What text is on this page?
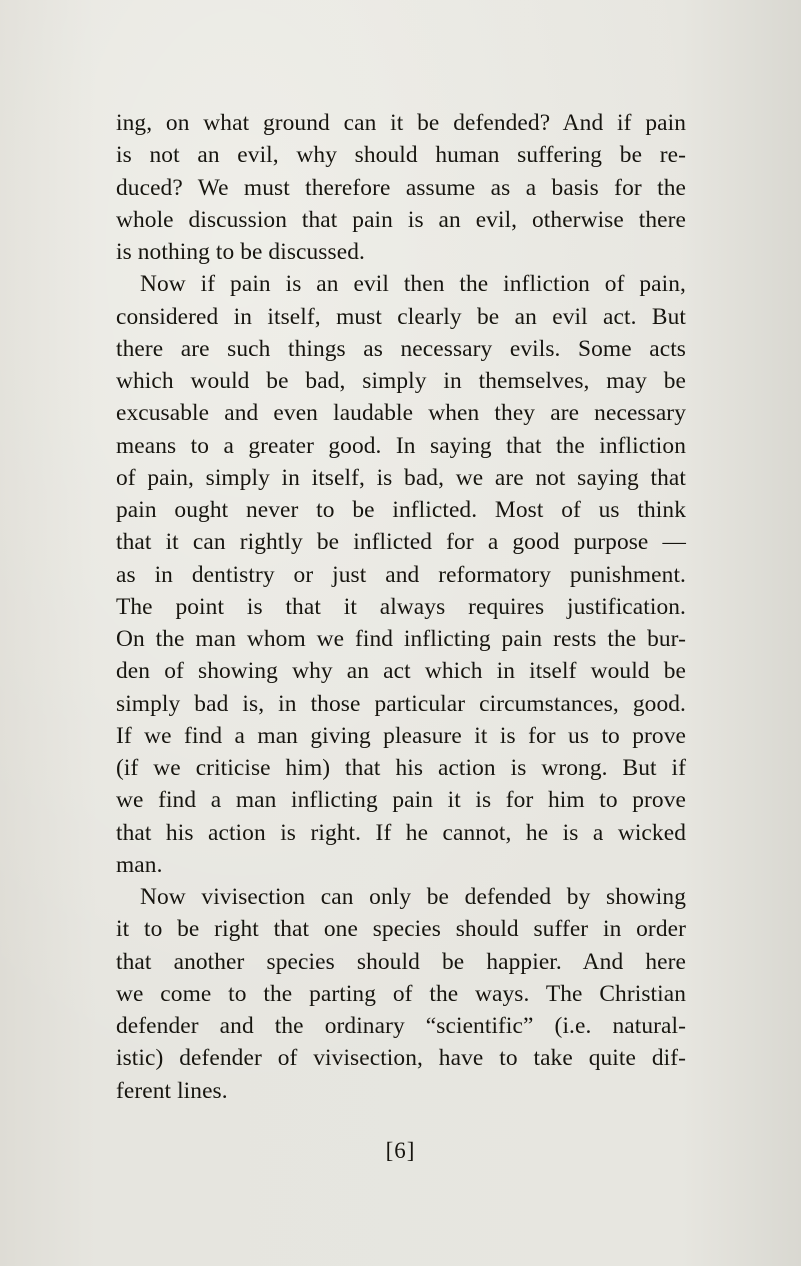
ing, on what ground can it be defended? And if pain
is not an evil, why should human suffering be re-
duced? We must therefore assume as a basis for the
whole discussion that pain is an evil, otherwise there
is nothing to be discussed.
Now if pain is an evil then the infliction of pain,
considered in itself, must clearly be an evil act. But
there are such things as necessary evils. Some acts
which would be bad, simply in themselves, may be
excusable and even laudable when they are necessary
means to a greater good. In saying that the infliction
of pain, simply in itself, is bad, we are not saying that
pain ought never to be inflicted. Most of us think
that it can rightly be inflicted for a good purpose —
as in dentistry or just and reformatory punishment.
The point is that it always requires justification.
On the man whom we find inflicting pain rests the bur-
den of showing why an act which in itself would be
simply bad is, in those particular circumstances, good.
If we find a man giving pleasure it is for us to prove
(if we criticise him) that his action is wrong. But if
we find a man inflicting pain it is for him to prove
that his action is right. If he cannot, he is a wicked
man.
Now vivisection can only be defended by showing
it to be right that one species should suffer in order
that another species should be happier. And here
we come to the parting of the ways. The Christian
defender and the ordinary “scientific” (i.e. natural-
istic) defender of vivisection, have to take quite dif-
ferent lines.
[6]
